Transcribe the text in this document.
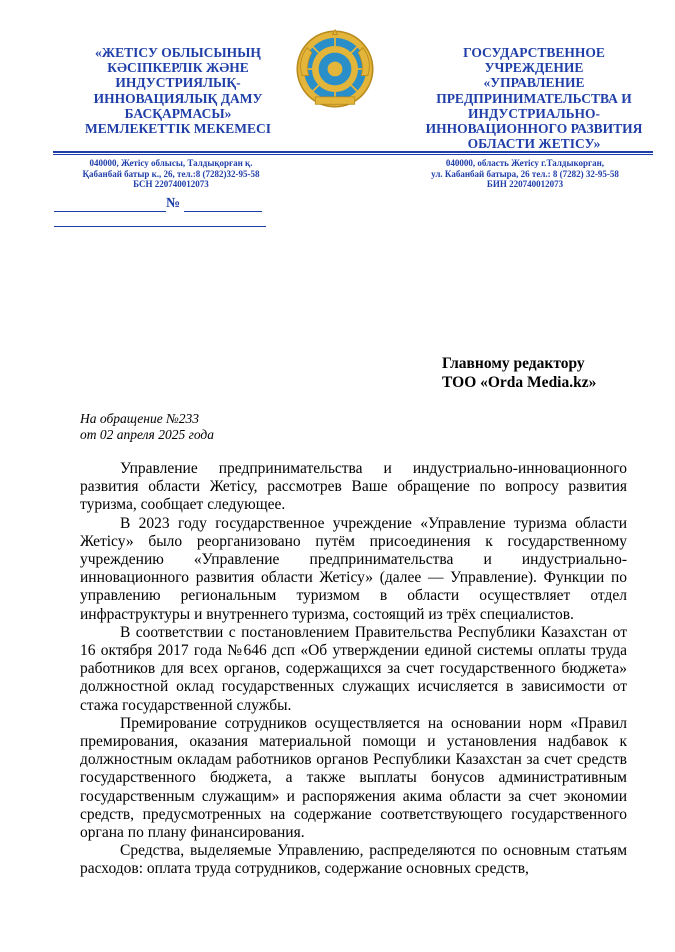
«ЖЕТІСУ ОБЛЫСЫНЫҢ
КӘСІПКЕРЛІК ЖӘНЕ
ИНДУСТРИЯЛЫҚ-
ИННОВАЦИЯЛЫҚ ДАМУ
БАСҚАРМАСЫ»
МЕМЛЕКЕТТІК МЕКЕМЕСІ
ГОСУДАРСТВЕННОЕ
УЧРЕЖДЕНИЕ
«УПРАВЛЕНИЕ
ПРЕДПРИНИМАТЕЛЬСТВА И
ИНДУСТРИАЛЬНО-
ИННОВАЦИОННОГО РАЗВИТИЯ
ОБЛАСТИ ЖЕТІСУ»
040000, Жетісу облысы, Талдықорған қ.
Қабанбай батыр к., 26, тел.:8 (7282)32-95-58
БСН 220740012073
040000, область Жетісу г.Талдыкорган,
ул. Кабанбай батыра, 26 тел.: 8 (7282) 32-95-58
БИН 220740012073
№
Главному редактору
ТОО «Orda Media.kz»
На обращение №233
от 02 апреля 2025 года

Управление предпринимательства и индустриально-инновационного развития области Жетісу, рассмотрев Ваше обращение по вопросу развития туризма, сообщает следующее.

В 2023 году государственное учреждение «Управление туризма области Жетісу» было реорганизовано путём присоединения к государственному учреждению «Управление предпринимательства и индустриально-инновационного развития области Жетісу» (далее — Управление). Функции по управлению региональным туризмом в области осуществляет отдел инфраструктуры и внутреннего туризма, состоящий из трёх специалистов.

В соответствии с постановлением Правительства Республики Казахстан от 16 октября 2017 года №646 дсп «Об утверждении единой системы оплаты труда работников для всех органов, содержащихся за счет государственного бюджета» должностной оклад государственных служащих исчисляется в зависимости от стажа государственной службы.

Премирование сотрудников осуществляется на основании норм «Правил премирования, оказания материальной помощи и установления надбавок к должностным окладам работников органов Республики Казахстан за счет средств государственного бюджета, а также выплаты бонусов административным государственным служащим» и распоряжения акима области за счет экономии средств, предусмотренных на содержание соответствующего государственного органа по плану финансирования.

Средства, выделяемые Управлению, распределяются по основным статьям расходов: оплата труда сотрудников, содержание основных средств,
